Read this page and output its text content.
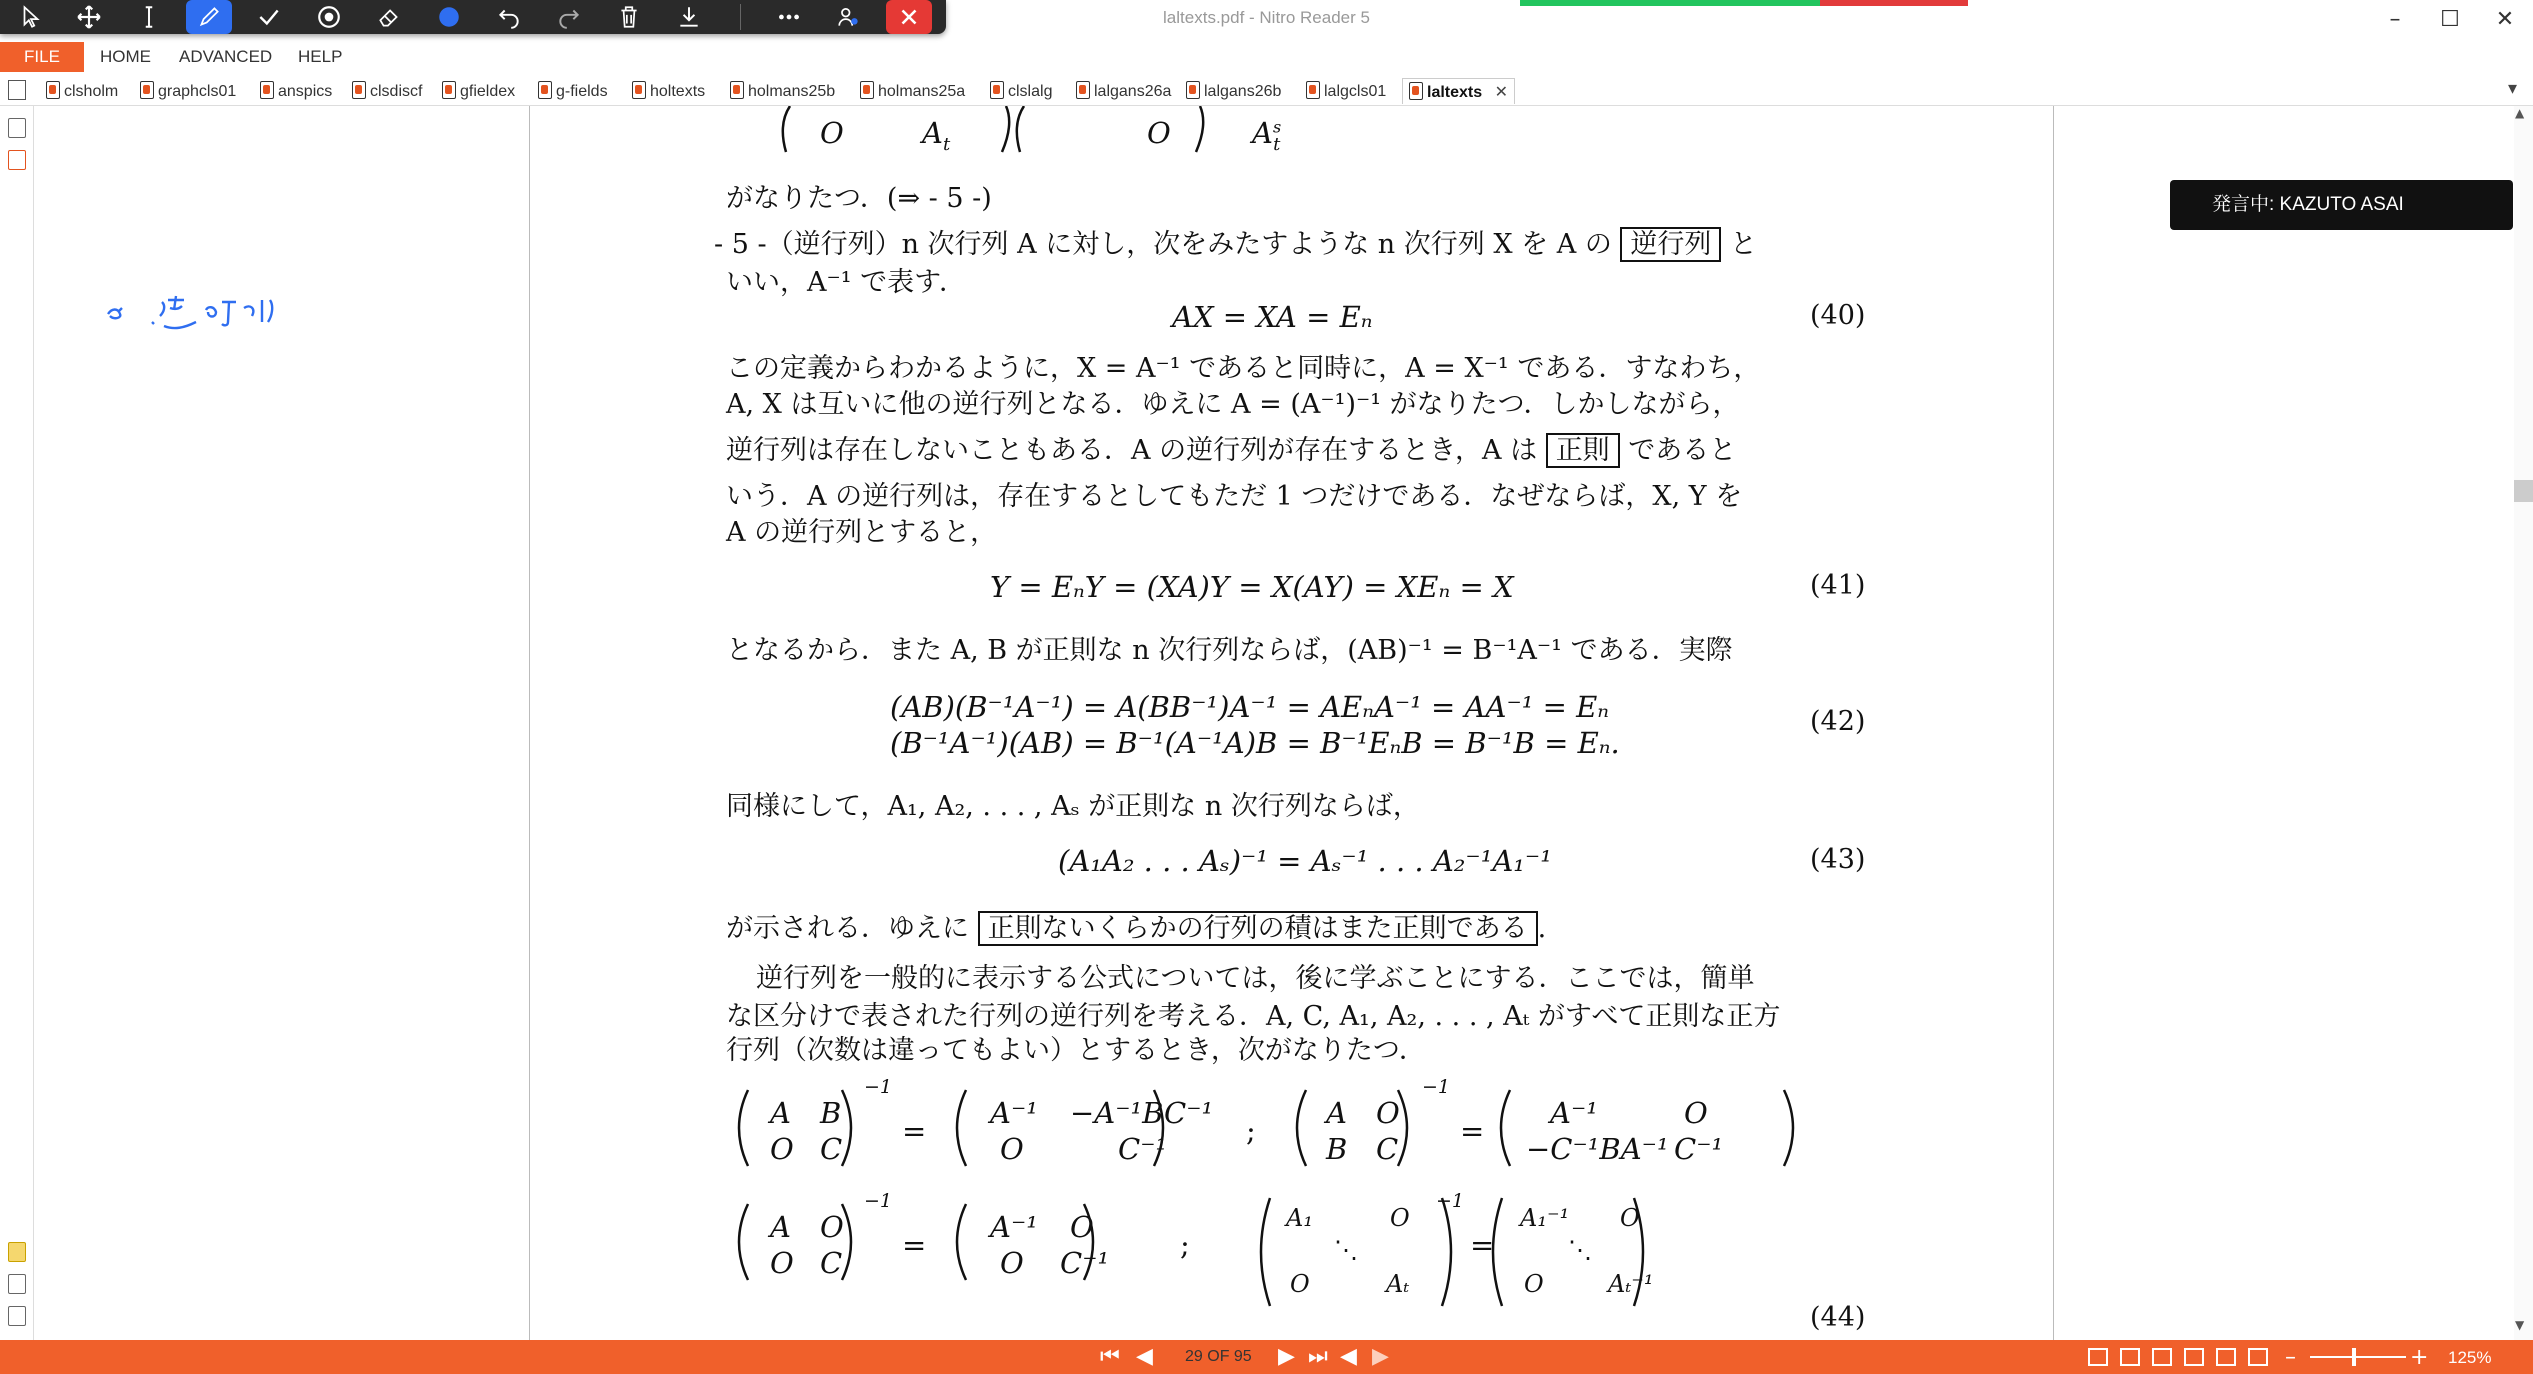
laltexts.pdf - Nitro Reader 5	–	☐	✕
FILE	HOME ADVANCED HELP
clsholm	graphcls01	anspics	clsdiscf	gfieldex	g-fields	holtexts	holmans25b	holmans25a	clslalg	lalgans26a	lalgans26b	lalgcls01	laltexts ✕	▾
O	$A_t$	O	$A^s_t$
がなりたつ．(⇒ - 5 -)
- 5 -（逆行列）n 次行列 A に対し，次をみたすような n 次行列 X を A の 逆行列 と
いい，A⁻¹ で表す．
AX = XA = Eₙ	(40)
この定義からわかるように，X = A⁻¹ であると同時に，A = X⁻¹ である．すなわち，
A, X は互いに他の逆行列となる．ゆえに A = (A⁻¹)⁻¹ がなりたつ．しかしながら，
逆行列は存在しないこともある．A の逆行列が存在するとき，A は 正則 であると
いう．A の逆行列は，存在するとしてもただ 1 つだけである．なぜならば，X, Y を
A の逆行列とすると，
Y = EₙY = (XA)Y = X(AY) = XEₙ = X	(41)
となるから．また A, B が正則な n 次行列ならば，(AB)⁻¹ = B⁻¹A⁻¹ である．実際
(AB)(B⁻¹A⁻¹) = A(BB⁻¹)A⁻¹ = AEₙA⁻¹ = AA⁻¹ = Eₙ
(B⁻¹A⁻¹)(AB) = B⁻¹(A⁻¹A)B = B⁻¹EₙB = B⁻¹B = Eₙ.
(42)
同様にして，A₁, A₂, . . . , Aₛ が正則な n 次行列ならば，
(A₁A₂ . . . Aₛ)⁻¹ = Aₛ⁻¹ . . . A₂⁻¹A₁⁻¹	(43)
が示される．ゆえに 正則ないくらかの行列の積はまた正則である .
逆行列を一般的に表示する公式については，後に学ぶことにする．ここでは，簡単
な区分けで表された行列の逆行列を考える．A, C, A₁, A₂, . . . , Aₜ がすべて正則な正方
行列（次数は違ってもよい）とするとき，次がなりたつ．
A B
O C
−1
=
A⁻¹ −A⁻¹BC⁻¹
O	C⁻¹
;
A O
B C
−1
=
A⁻¹	O
−C⁻¹BA⁻¹ C⁻¹
A O
O C
−1
=
A⁻¹ O
O C⁻¹
;
A₁	O
⋱
O	Aₜ
−1
=
A₁⁻¹ O
⋱
O	Aₜ⁻¹
(44)
発言中: KAZUTO ASAI
▲
▼
⏮ ◀ 29 OF 95 ▶ ⏭ ◀ ▶	–	+ 125%
